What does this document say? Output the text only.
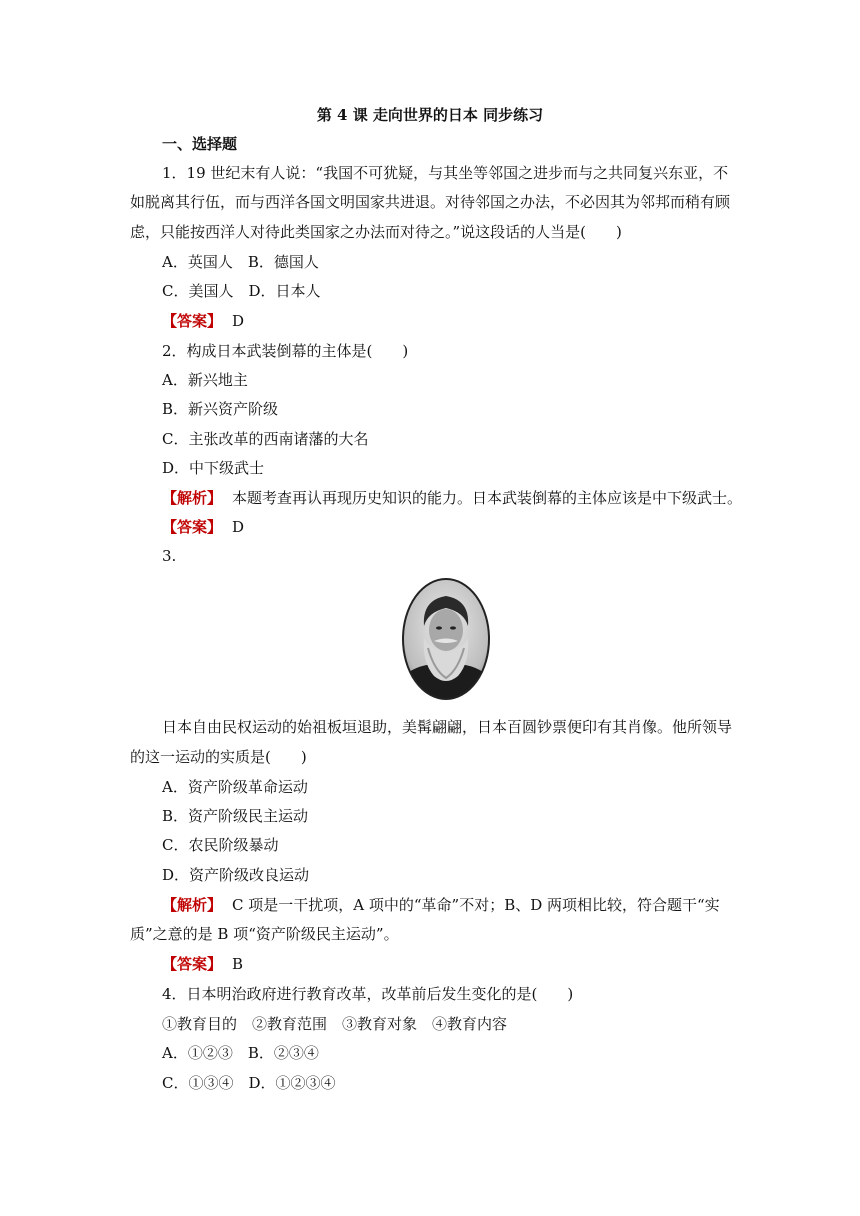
第 4 课 走向世界的日本 同步练习
一、选择题
1．19 世纪末有人说：“我国不可犹疑，与其坐等邻国之进步而与之共同复兴东亚，不
如脱离其行伍，而与西洋各国文明国家共进退。对待邻国之办法，不必因其为邻邦而稍有顾
虑，只能按西洋人对待此类国家之办法而对待之。”说这段话的人当是(　　)
A．英国人　B．德国人
C．美国人　D．日本人
【答案】 D
2．构成日本武装倒幕的主体是(　　)
A．新兴地主
B．新兴资产阶级
C．主张改革的西南诸藩的大名
D．中下级武士
【解析】 本题考查再认再现历史知识的能力。日本武装倒幕的主体应该是中下级武士。
【答案】 D
3.
日本自由民权运动的始祖板垣退助，美髯翩翩，日本百圆钞票便印有其肖像。他所领导
的这一运动的实质是(　　)
A．资产阶级革命运动
B．资产阶级民主运动
C．农民阶级暴动
D．资产阶级改良运动
【解析】 C 项是一干扰项，A 项中的“革命”不对；B、D 两项相比较，符合题干“实
质”之意的是 B 项“资产阶级民主运动”。
【答案】 B
4．日本明治政府进行教育改革，改革前后发生变化的是(　　)
①教育目的　②教育范围　③教育对象　④教育内容
A．①②③　B．②③④
C．①③④　D．①②③④
